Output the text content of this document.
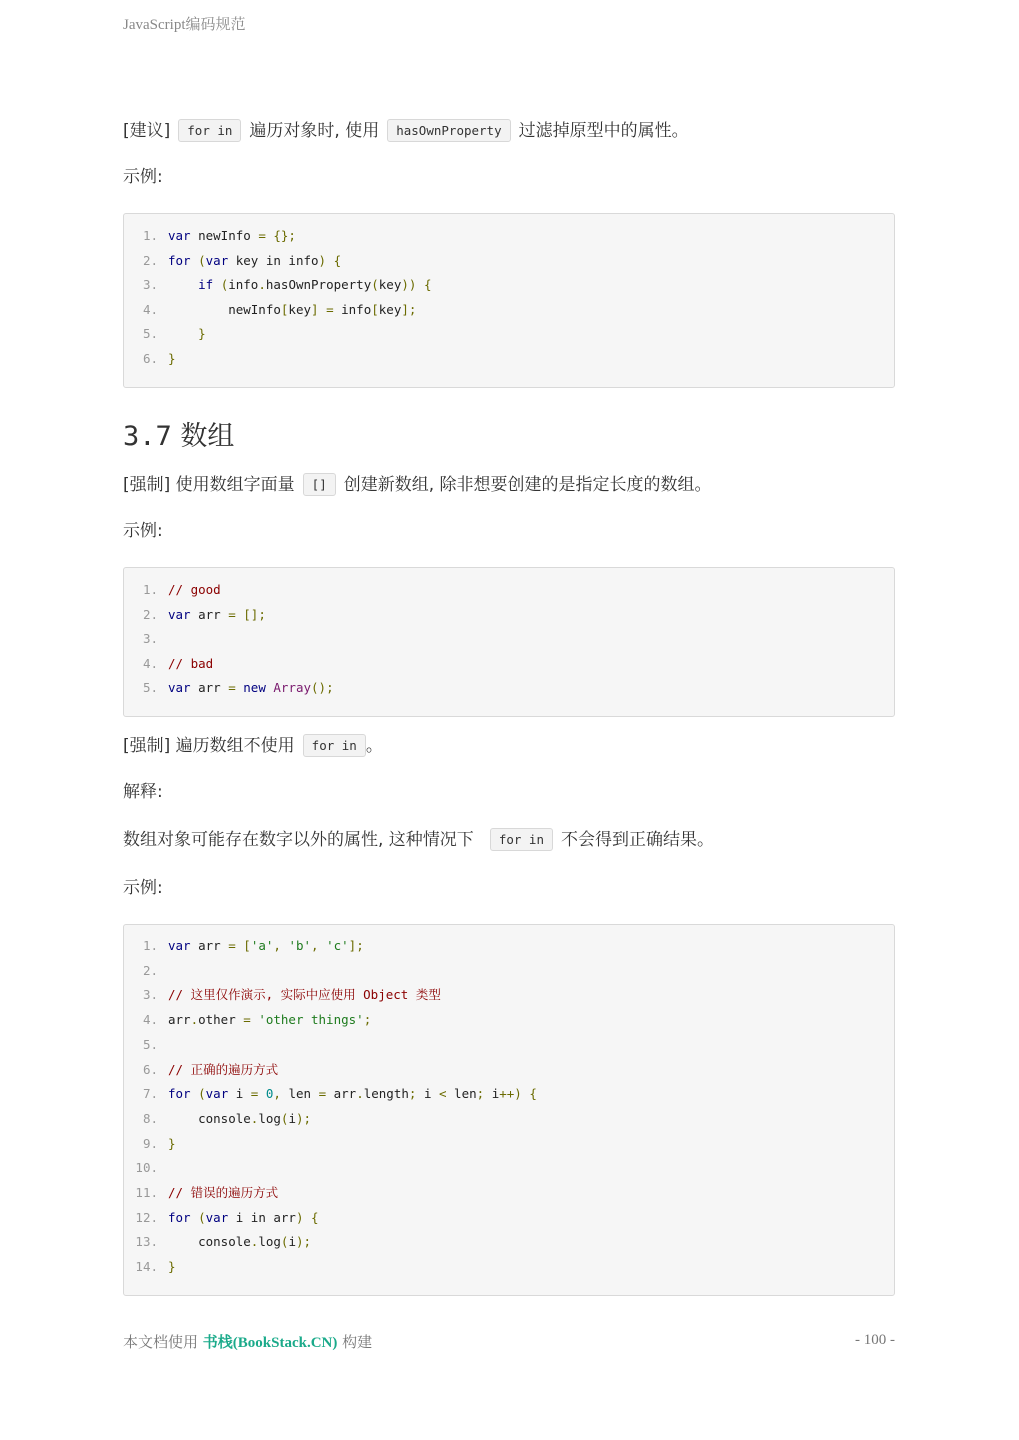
JavaScript编码规范
[建议] for in 遍历对象时, 使用 hasOwnProperty 过滤掉原型中的属性。
示例:
1. var newInfo = {};
2. for (var key in info) {
3.	if (info.hasOwnProperty(key)) {
4.        newInfo[key] = info[key];
5.	}
6. }
3.7 数组
[强制] 使用数组字面量 [] 创建新数组, 除非想要创建的是指定长度的数组。
示例:
1. // good
2. var arr = [];
3.
4. // bad
5. var arr = new Array();
[强制] 遍历数组不使用 for in 。
解释:
数组对象可能存在数字以外的属性, 这种情况下 for in 不会得到正确结果。
示例:
1. var arr = ['a', 'b', 'c'];
2.
3. // 这里仅作演示, 实际中应使用 Object 类型
4. arr.other = 'other things';
5.
6. // 正确的遍历方式
7. for (var i = 0, len = arr.length; i < len; i++) {
8.    console.log(i);
9. }
10.
11. // 错误的遍历方式
12. for (var i in arr) {
13.    console.log(i);
14. }
本文档使用 书栈(BookStack.CN) 构建	- 100 -
